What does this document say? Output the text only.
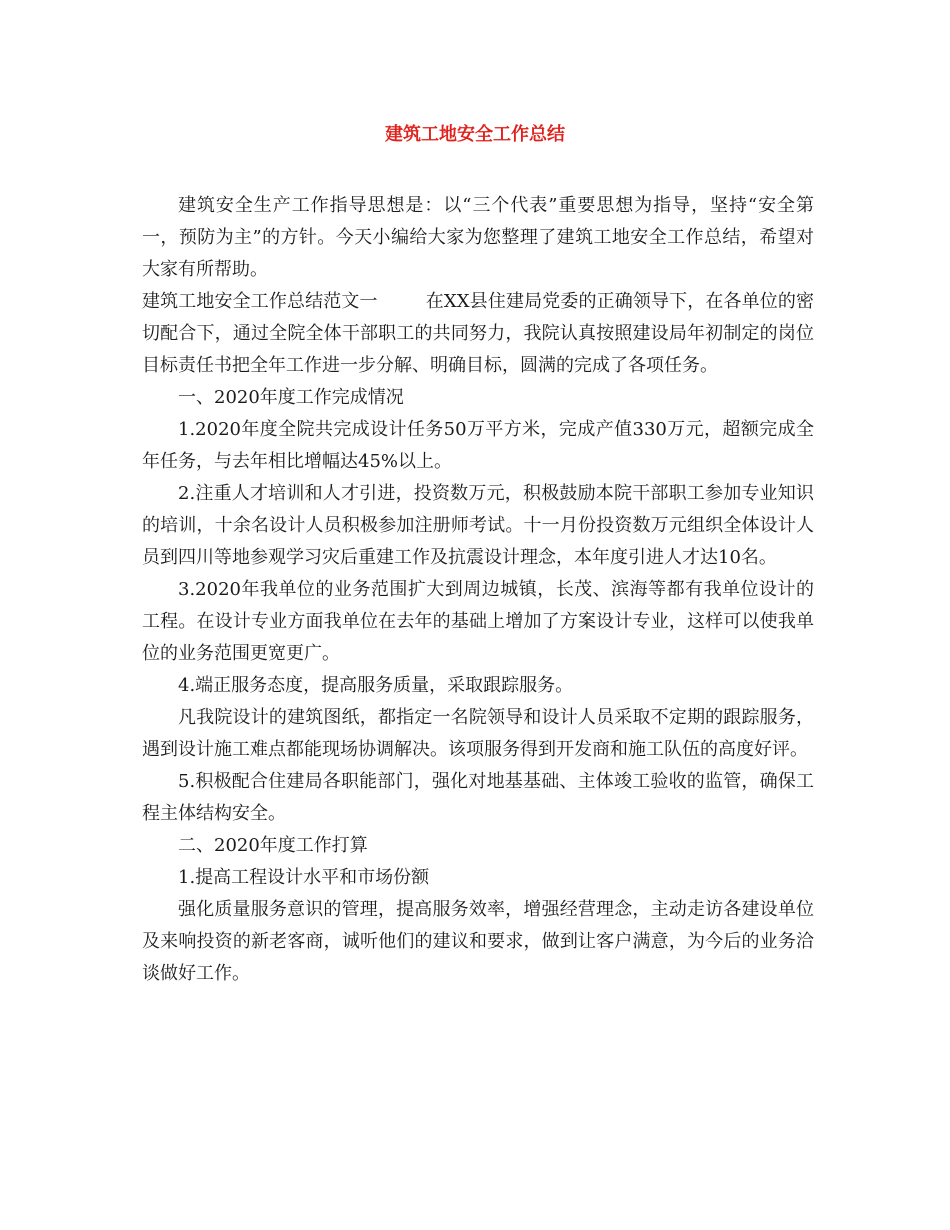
建筑工地安全工作总结

建筑安全生产工作指导思想是：以“三个代表”重要思想为指导，坚持“安全第一，预防为主”的方针。今天小编给大家为您整理了建筑工地安全工作总结，希望对大家有所帮助。

建筑工地安全工作总结范文一	在XX县住建局党委的正确领导下，在各单位的密切配合下，通过全院全体干部职工的共同努力，我院认真按照建设局年初制定的岗位目标责任书把全年工作进一步分解、明确目标，圆满的完成了各项任务。

一、2020年度工作完成情况

1.2020年度全院共完成设计任务50万平方米，完成产值330万元，超额完成全年任务，与去年相比增幅达45%以上。

2.注重人才培训和人才引进，投资数万元，积极鼓励本院干部职工参加专业知识的培训，十余名设计人员积极参加注册师考试。十一月份投资数万元组织全体设计人员到四川等地参观学习灾后重建工作及抗震设计理念，本年度引进人才达10名。

3.2020年我单位的业务范围扩大到周边城镇，长茂、滨海等都有我单位设计的工程。在设计专业方面我单位在去年的基础上增加了方案设计专业，这样可以使我单位的业务范围更宽更广。

4.端正服务态度，提高服务质量，采取跟踪服务。

凡我院设计的建筑图纸，都指定一名院领导和设计人员采取不定期的跟踪服务，遇到设计施工难点都能现场协调解决。该项服务得到开发商和施工队伍的高度好评。

5.积极配合住建局各职能部门，强化对地基基础、主体竣工验收的监管，确保工程主体结构安全。

二、2020年度工作打算

1.提高工程设计水平和市场份额

强化质量服务意识的管理，提高服务效率，增强经营理念，主动走访各建设单位及来响投资的新老客商，诚听他们的建议和要求，做到让客户满意，为今后的业务洽谈做好工作。
